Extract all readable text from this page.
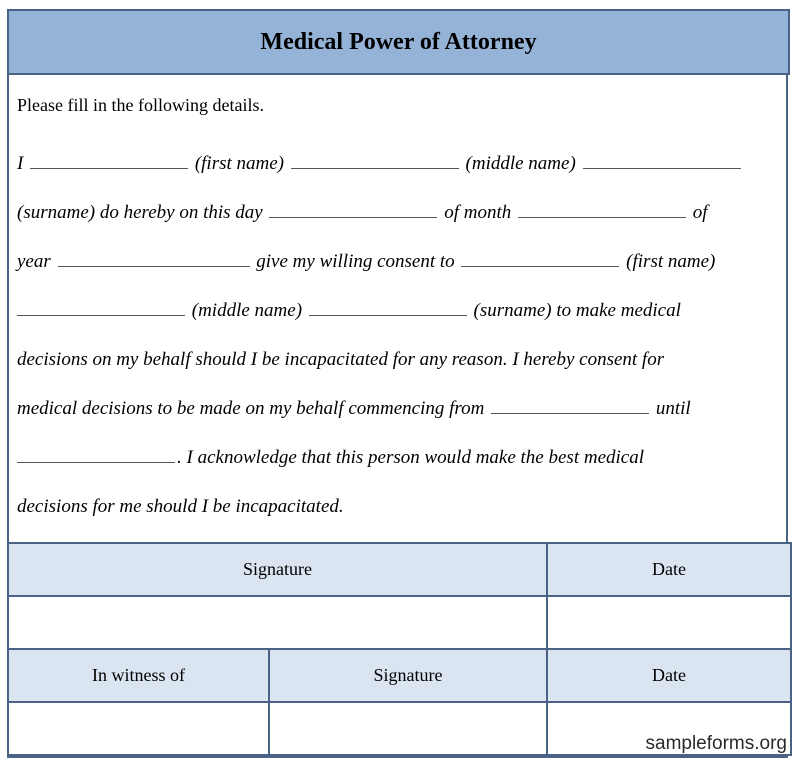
Medical Power of Attorney
Please fill in the following details.
I	(first name)	(middle name)
(surname) do hereby on this day	of month	of
year	give my willing consent to	(first name)
(middle name)	(surname) to make medical
decisions on my behalf should I be incapacitated for any reason. I hereby consent for
medical decisions to be made on my behalf commencing from	until
. I acknowledge that this person would make the best medical
decisions for me should I be incapacitated.
Signature		Date

In witness of	Signature	Date

sampleforms.org
